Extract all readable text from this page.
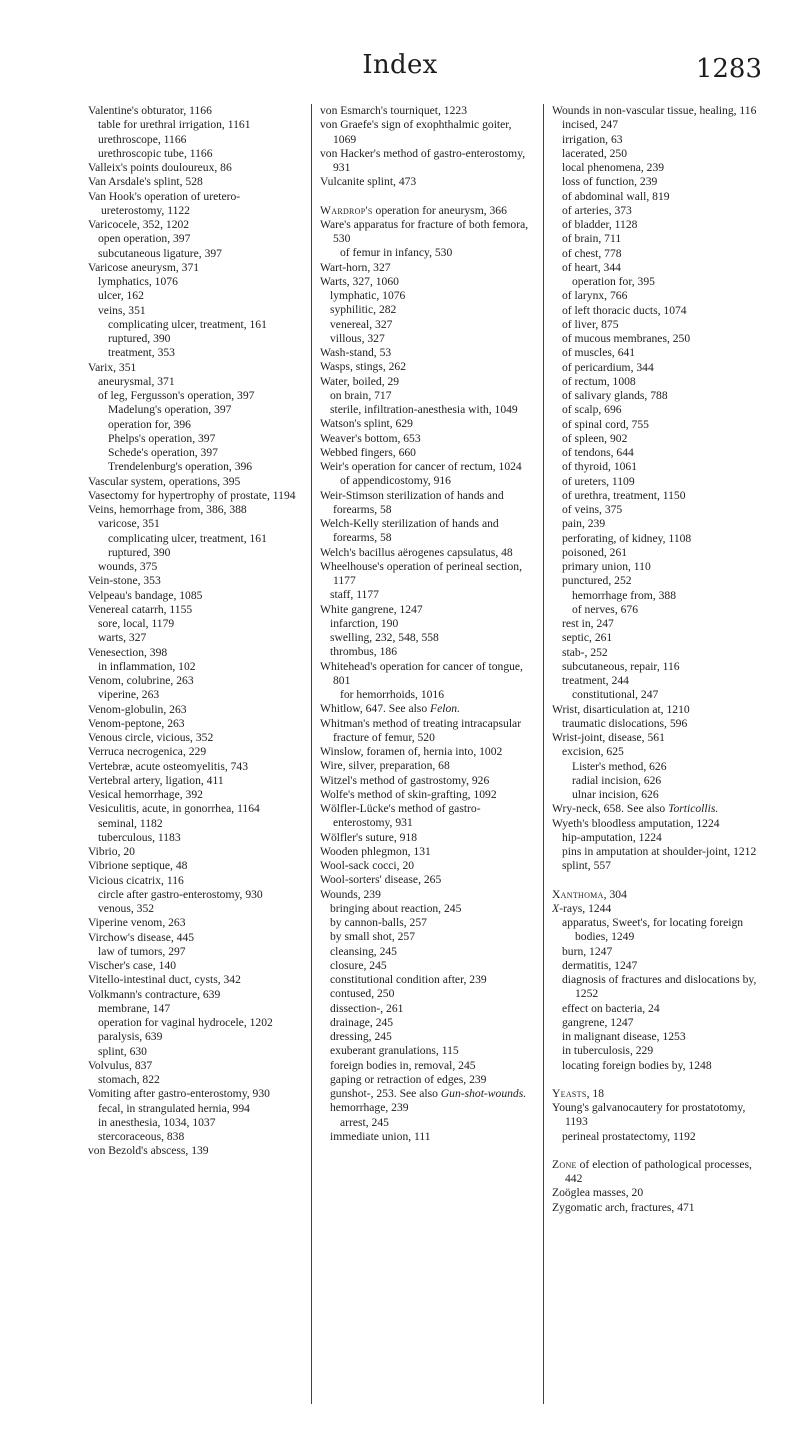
Index	1283
Valentine's obturator, 1166
table for urethral irrigation, 1161
urethroscope, 1166
urethroscopic tube, 1166
Valleix's points douloureux, 86
Van Arsdale's splint, 528
Van Hook's operation of uretero-ureterostomy, 1122
Varicocele, 352, 1202
open operation, 397
subcutaneous ligature, 397
Varicose aneurysm, 371
lymphatics, 1076
ulcer, 162
veins, 351
complicating ulcer, treatment, 161
ruptured, 390
treatment, 353
Varix, 351
aneurysmal, 371
of leg, Fergusson's operation, 397
Madelung's operation, 397
operation for, 396
Phelps's operation, 397
Schede's operation, 397
Trendelenburg's operation, 396
Vascular system, operations, 395
Vasectomy for hypertrophy of prostate, 1194
Veins, hemorrhage from, 386, 388
varicose, 351
complicating ulcer, treatment, 161
ruptured, 390
wounds, 375
Vein-stone, 353
Velpeau's bandage, 1085
Venereal catarrh, 1155
sore, local, 1179
warts, 327
Venesection, 398
in inflammation, 102
Venom, colubrine, 263
viperine, 263
Venom-globulin, 263
Venom-peptone, 263
Venous circle, vicious, 352
Verruca necrogenica, 229
Vertebræ, acute osteomyelitis, 743
Vertebral artery, ligation, 411
Vesical hemorrhage, 392
Vesiculitis, acute, in gonorrhea, 1164
seminal, 1182
tuberculous, 1183
Vibrio, 20
Vibrione septique, 48
Vicious cicatrix, 116
circle after gastro-enterostomy, 930
venous, 352
Viperine venom, 263
Virchow's disease, 445
law of tumors, 297
Vischer's case, 140
Vitello-intestinal duct, cysts, 342
Volkmann's contracture, 639
membrane, 147
operation for vaginal hydrocele, 1202
paralysis, 639
splint, 630
Volvulus, 837
stomach, 822
Vomiting after gastro-enterostomy, 930
fecal, in strangulated hernia, 994
in anesthesia, 1034, 1037
stercoraceous, 838
von Bezold's abscess, 139
von Esmarch's tourniquet, 1223
von Graefe's sign of exophthalmic goiter, 1069
von Hacker's method of gastro-enterostomy, 931
Vulcanite splint, 473
Wardrop's operation for aneurysm, 366
Ware's apparatus for fracture of both femora, 530
of femur in infancy, 530
Wart-horn, 327
Warts, 327, 1060
lymphatic, 1076
syphilitic, 282
venereal, 327
villous, 327
Wash-stand, 53
Wasps, stings, 262
Water, boiled, 29
on brain, 717
sterile, infiltration-anesthesia with, 1049
Watson's splint, 629
Weaver's bottom, 653
Webbed fingers, 660
Weir's operation for cancer of rectum, 1024
of appendicostomy, 916
Weir-Stimson sterilization of hands and forearms, 58
Welch-Kelly sterilization of hands and forearms, 58
Welch's bacillus aërogenes capsulatus, 48
Wheelhouse's operation of perineal section, 1177
staff, 1177
White gangrene, 1247
infarction, 190
swelling, 232, 548, 558
thrombus, 186
Whitehead's operation for cancer of tongue, 801
for hemorrhoids, 1016
Whitlow, 647. See also Felon.
Whitman's method of treating intracapsular fracture of femur, 520
Winslow, foramen of, hernia into, 1002
Wire, silver, preparation, 68
Witzel's method of gastrostomy, 926
Wolfe's method of skin-grafting, 1092
Wölfler-Lücke's method of gastro-enterostomy, 931
Wölfler's suture, 918
Wooden phlegmon, 131
Wool-sack cocci, 20
Wool-sorters' disease, 265
Wounds, 239
bringing about reaction, 245
by cannon-balls, 257
by small shot, 257
cleansing, 245
closure, 245
constitutional condition after, 239
contused, 250
dissection-, 261
drainage, 245
dressing, 245
exuberant granulations, 115
foreign bodies in, removal, 245
gaping or retraction of edges, 239
gunshot-, 253. See also Gun-shot-wounds.
hemorrhage, 239
arrest, 245
immediate union, 111
Wounds in non-vascular tissue, healing, 116
incised, 247
irrigation, 63
lacerated, 250
local phenomena, 239
loss of function, 239
of abdominal wall, 819
of arteries, 373
of bladder, 1128
of brain, 711
of chest, 778
of heart, 344
operation for, 395
of larynx, 766
of left thoracic ducts, 1074
of liver, 875
of mucous membranes, 250
of muscles, 641
of pericardium, 344
of rectum, 1008
of salivary glands, 788
of scalp, 696
of spinal cord, 755
of spleen, 902
of tendons, 644
of thyroid, 1061
of ureters, 1109
of urethra, treatment, 1150
of veins, 375
pain, 239
perforating, of kidney, 1108
poisoned, 261
primary union, 110
punctured, 252
hemorrhage from, 388
of nerves, 676
rest in, 247
septic, 261
stab-, 252
subcutaneous, repair, 116
treatment, 244
constitutional, 247
Wrist, disarticulation at, 1210
traumatic dislocations, 596
Wrist-joint, disease, 561
excision, 625
Lister's method, 626
radial incision, 626
ulnar incision, 626
Wry-neck, 658. See also Torticollis.
Wyeth's bloodless amputation, 1224
hip-amputation, 1224
pins in amputation at shoulder-joint, 1212
splint, 557
Xanthoma, 304
X-rays, 1244
apparatus, Sweet's, for locating foreign bodies, 1249
burn, 1247
dermatitis, 1247
diagnosis of fractures and dislocations by, 1252
effect on bacteria, 24
gangrene, 1247
in malignant disease, 1253
in tuberculosis, 229
locating foreign bodies by, 1248
Yeasts, 18
Young's galvanocautery for prostatotomy, 1193
perineal prostatectomy, 1192
Zone of election of pathological processes, 442
Zoöglea masses, 20
Zygomatic arch, fractures, 471
